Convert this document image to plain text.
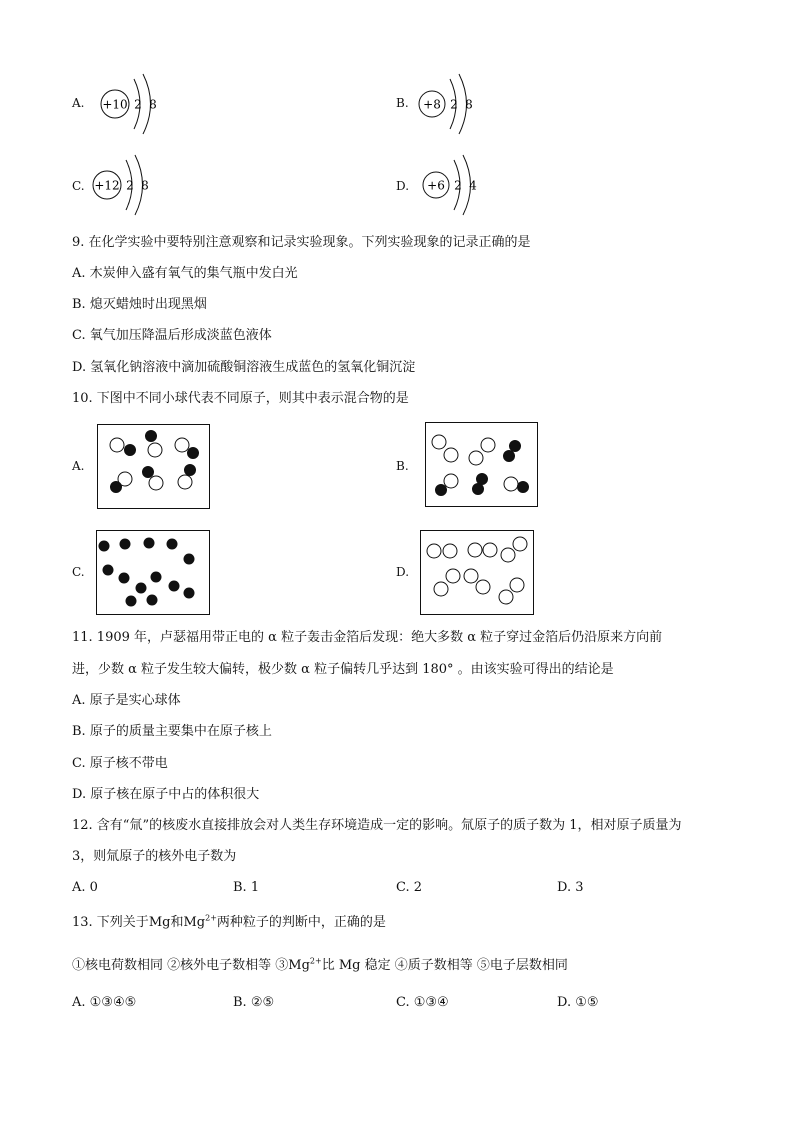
A. +10 2 8	B. +8 2 8
C. +12 2 8	D. +6 2 4
9. 在化学实验中要特别注意观察和记录实验现象。下列实验现象的记录正确的是
A. 木炭伸入盛有氧气的集气瓶中发白光
B. 熄灭蜡烛时出现黑烟
C. 氧气加压降温后形成淡蓝色液体
D. 氢氧化钠溶液中滴加硫酸铜溶液生成蓝色的氢氧化铜沉淀
10. 下图中不同小球代表不同原子，则其中表示混合物的是
A.	B.
C.	D.
11. 1909 年，卢瑟福用带正电的 α 粒子轰击金箔后发现：绝大多数 α 粒子穿过金箔后仍沿原来方向前
进，少数 α 粒子发生较大偏转，极少数 α 粒子偏转几乎达到 180° 。由该实验可得出的结论是
A. 原子是实心球体
B. 原子的质量主要集中在原子核上
C. 原子核不带电
D. 原子核在原子中占的体积很大
12. 含有“氚”的核废水直接排放会对人类生存环境造成一定的影响。氚原子的质子数为 1，相对原子质量为
3，则氚原子的核外电子数为
A. 0	B. 1	C. 2	D. 3
13. 下列关于Mg和$Mg^{2+}$两种粒子的判断中，正确的是
①核电荷数相同 ②核外电子数相等 $③Mg^{2+}$比 Mg 稳定 ④质子数相等 ⑤电子层数相同
A. ①③④⑤	B. ②⑤	C. ①③④	D. ①⑤
